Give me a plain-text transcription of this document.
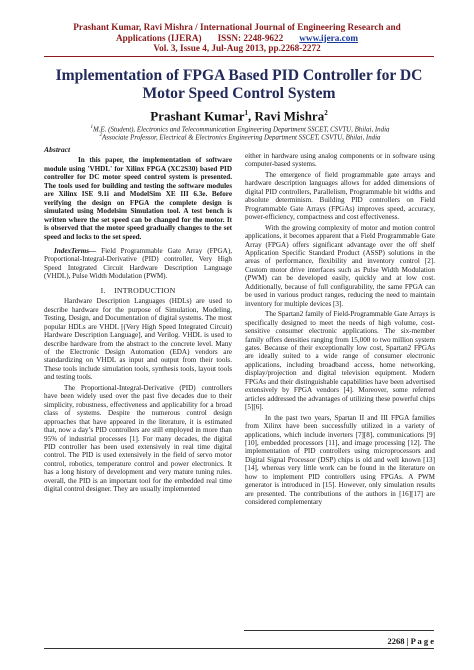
Prashant Kumar, Ravi Mishra / International Journal of Engineering Research and
Applications (IJERA) ISSN: 2248-9622 www.ijera.com
Vol. 3, Issue 4, Jul-Aug 2013, pp.2268-2272
Implementation of FPGA Based PID Controller for DC Motor Speed Control System
Prashant Kumar$^1$, Ravi Mishra$^2$
$^1$M.E. (Student), Electronics and Telecommunication Engineering Department SSCET, CSVTU, Bhilai, India
$^2$Associate Professor, Electrical & Electronics Engineering Department SSCET, CSVTU, Bhilai, India
Abstract

In this paper, the implementation of software module using 'VHDL' for Xilinx FPGA (XC2S30) based PID controller for DC motor speed control system is presented. The tools used for building and testing the software modules are Xilinx ISE 9.1i and ModelSim XE III 6.3e. Before verifying the design on FPGA the complete design is simulated using Modelsim Simulation tool. A test bench is written where the set speed can be changed for the motor. It is observed that the motor speed gradually changes to the set speed and locks to the set speed.

IndexTerms— Field Programmable Gate Array (FPGA), Proportional-Integral-Derivative (PID) controller, Very High Speed Integrated Circuit Hardware Description Language (VHDL), Pulse Width Modulation (PWM).

I. INTRODUCTION

Hardware Description Languages (HDLs) are used to describe hardware for the purpose of Simulation, Modeling, Testing, Design, and Documentation of digital systems. The most popular HDLs are VHDL [(Very High Speed Integrated Circuit) Hardware Description Language], and Verilog. VHDL is used to describe hardware from the abstract to the concrete level. Many of the Electronic Design Automation (EDA) vendors are standardizing on VHDL as input and output from their tools. These tools include simulation tools, synthesis tools, layout tools and testing tools.

The Proportional-Integral-Derivative (PID) controllers have been widely used over the past five decades due to their simplicity, robustness, effectiveness and applicability for a broad class of systems. Despite the numerous control design approaches that have appeared in the literature, it is estimated that, now a day’s PID controllers are still employed in more than 95% of industrial processes [1]. For many decades, the digital PID controller has been used extensively in real time digital control. The PID is used extensively in the field of servo motor control, robotics, temperature control and power electronics. It has a long history of development and very mature tuning rules. overall, the PID is an important tool for the embedded real time digital control designer. They are usually implemented

either in hardware using analog components or in software using computer-based systems.

The emergence of field programmable gate arrays and hardware description languages allows for added dimensions of digital PID controllers, Parallelism, Programmable bit widths and absolute determinism. Building PID controllers on Field Programmable Gate Arrays (FPGAs) improves speed, accuracy, power-efficiency, compactness and cost effectiveness.

With the growing complexity of motor and motion control applications, it becomes apparent that a Field Programmable Gate Array (FPGA) offers significant advantage over the off shelf Application Specific Standard Product (ASSP) solutions in the areas of performance, flexibility and inventory control [2]. Custom motor drive interfaces such as Pulse Width Modulation (PWM) can be developed easily, quickly and at low cost. Additionally, because of full configurability, the same FPGA can be used in various product ranges, reducing the need to maintain inventory for multiple devices [3].

The Spartan2 family of Field-Programmable Gate Arrays is specifically designed to meet the needs of high volume, cost-sensitive consumer electronic applications. The six-member family offers densities ranging from 15,000 to two million system gates. Because of their exceptionally low cost, Spartan2 FPGAs are ideally suited to a wide range of consumer electronic applications, including broadband access, home networking, display/projection and digital television equipment. Modern FPGAs and their distinguishable capabilities have been advertised extensively by FPGA vendors [4]. Moreover, some referred articles addressed the advantages of utilizing these powerful chips [5][6].

In the past two years, Spartan II and III FPGA families from Xilinx have been successfully utilized in a variety of applications, which include inverters [7][8], communications [9][10], embedded processors [11], and image processing [12]. The implementation of PID controllers using microprocessors and Digital Signal Processor (DSP) chips is old and well known [13][14], whereas very little work can be found in the literature on how to implement PID controllers using FPGAs. A PWM generator is introduced in [15]. However, only simulation results are presented. The contributions of the authors in [16][17] are considered complementary

2268 | P a g e
